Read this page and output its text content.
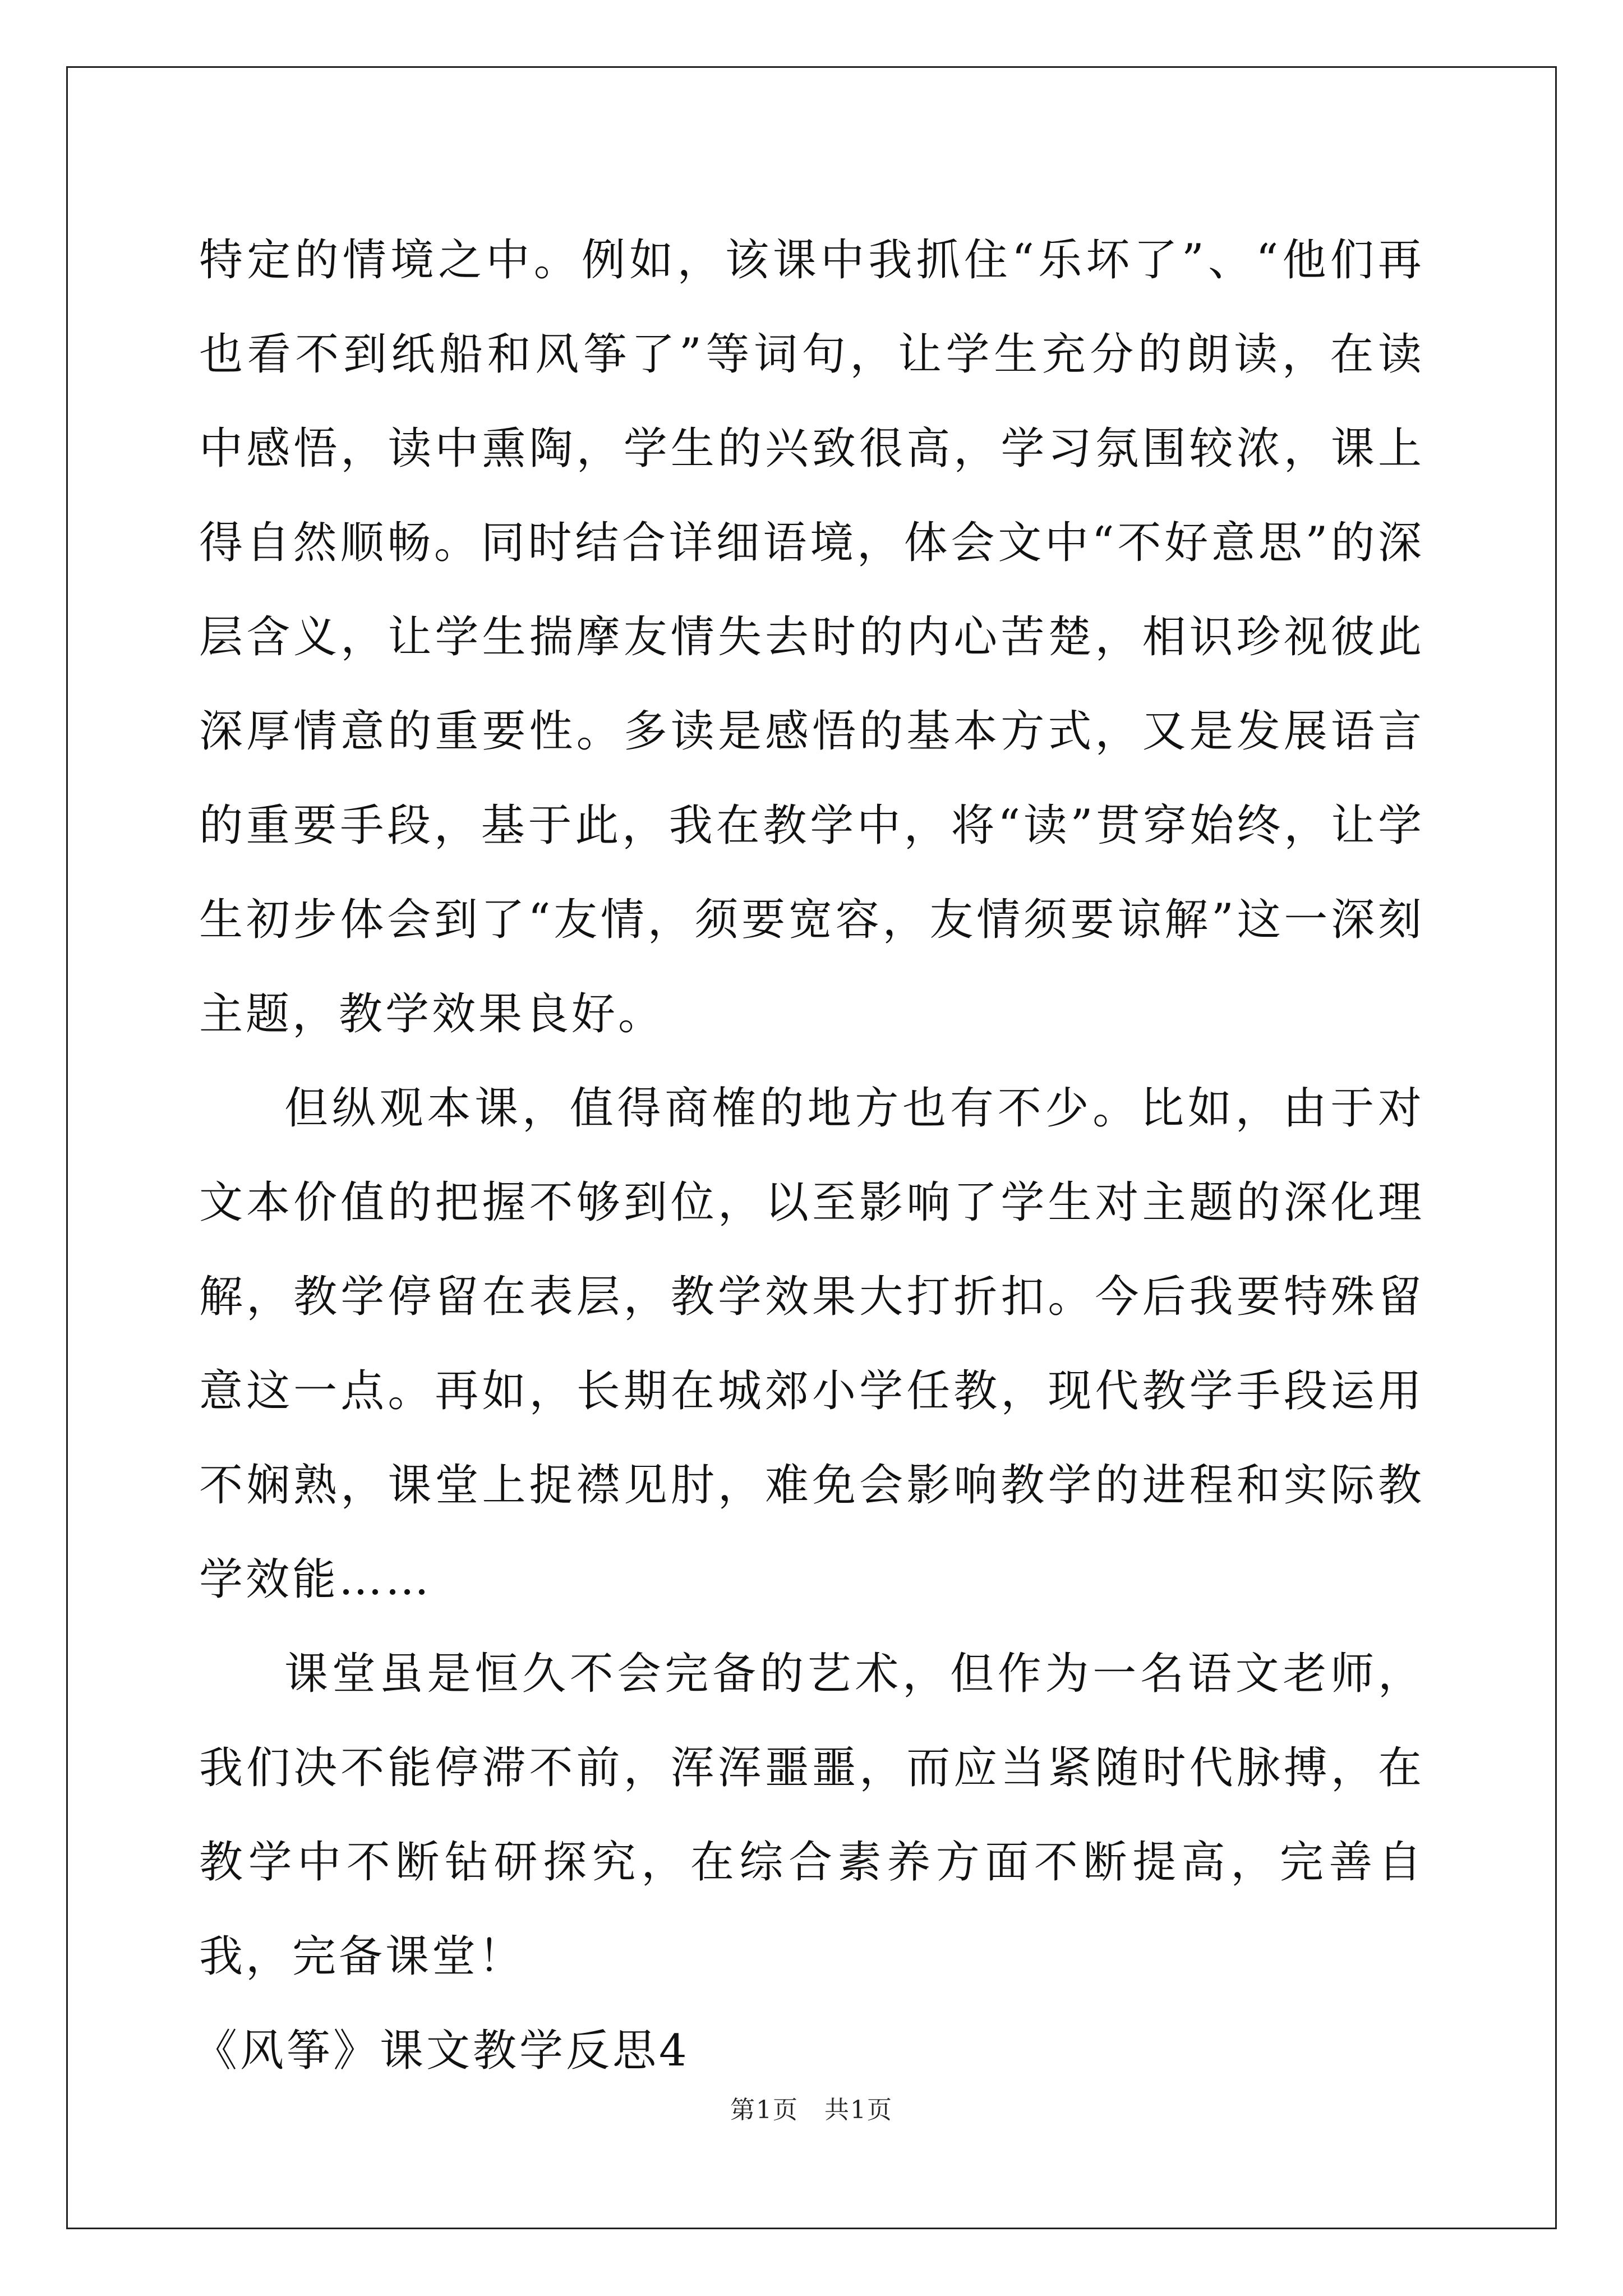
特定的情境之中。例如，该课中我抓住“乐坏了”、“他们再也看不到纸船和风筝了”等词句，让学生充分的朗读，在读中感悟，读中熏陶，学生的兴致很高，学习氛围较浓，课上得自然顺畅。同时结合详细语境，体会文中“不好意思”的深层含义，让学生揣摩友情失去时的内心苦楚，相识珍视彼此深厚情意的重要性。多读是感悟的基本方式，又是发展语言的重要手段，基于此，我在教学中，将“读”贯穿始终，让学生初步体会到了“友情，须要宽容，友情须要谅解”这一深刻主题，教学效果良好。

但纵观本课，值得商榷的地方也有不少。比如，由于对文本价值的把握不够到位，以至影响了学生对主题的深化理解，教学停留在表层，教学效果大打折扣。今后我要特殊留意这一点。再如，长期在城郊小学任教，现代教学手段运用不娴熟，课堂上捉襟见肘，难免会影响教学的进程和实际教学效能……

课堂虽是恒久不会完备的艺术，但作为一名语文老师，我们决不能停滞不前，浑浑噩噩，而应当紧随时代脉搏，在教学中不断钻研探究，在综合素养方面不断提高，完善自我，完备课堂！

《风筝》课文教学反思4

第1页　共1页
